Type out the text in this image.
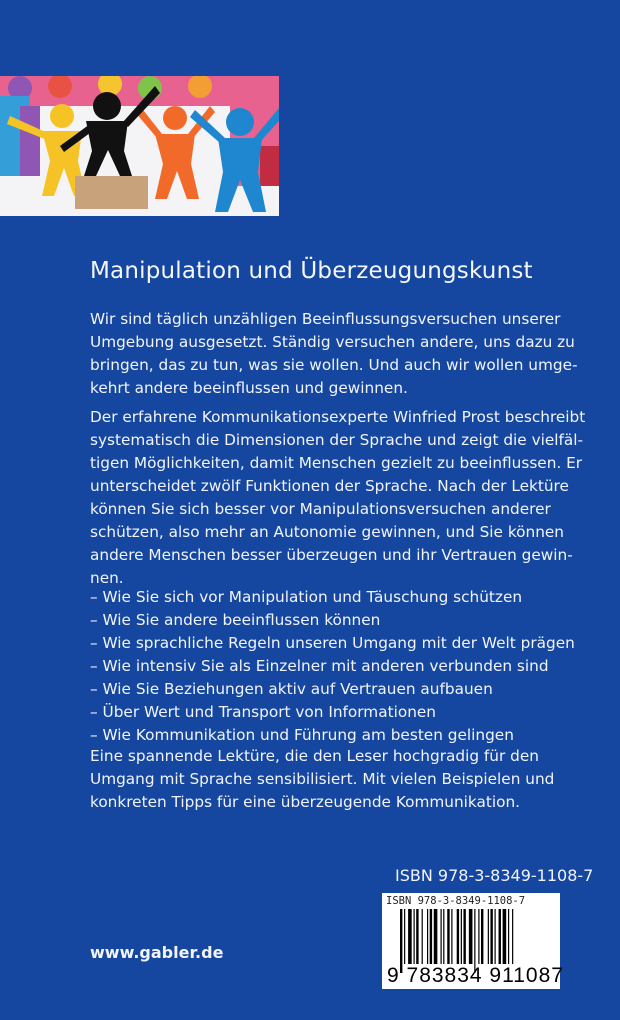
Manipulation und Überzeugungskunst
Wir sind täglich unzähligen Beeinflussungsversuchen unserer
Umgebung ausgesetzt. Ständig versuchen andere, uns dazu zu
bringen, das zu tun, was sie wollen. Und auch wir wollen umge-
kehrt andere beeinflussen und gewinnen.
Der erfahrene Kommunikationsexperte Winfried Prost beschreibt
systematisch die Dimensionen der Sprache und zeigt die vielfäl-
tigen Möglichkeiten, damit Menschen gezielt zu beeinflussen. Er
unterscheidet zwölf Funktionen der Sprache. Nach der Lektüre
können Sie sich besser vor Manipulationsversuchen anderer
schützen, also mehr an Autonomie gewinnen, und Sie können
andere Menschen besser überzeugen und ihr Vertrauen gewin-
nen.
– Wie Sie sich vor Manipulation und Täuschung schützen
– Wie Sie andere beeinflussen können
– Wie sprachliche Regeln unseren Umgang mit der Welt prägen
– Wie intensiv Sie als Einzelner mit anderen verbunden sind
– Wie Sie Beziehungen aktiv auf Vertrauen aufbauen
– Über Wert und Transport von Informationen
– Wie Kommunikation und Führung am besten gelingen
Eine spannende Lektüre, die den Leser hochgradig für den
Umgang mit Sprache sensibilisiert. Mit vielen Beispielen und
konkreten Tipps für eine überzeugende Kommunikation.
ISBN 978-3-8349-1108-7
ISBN 978-3-8349-1108-7
9 783834 911087
www.gabler.de
